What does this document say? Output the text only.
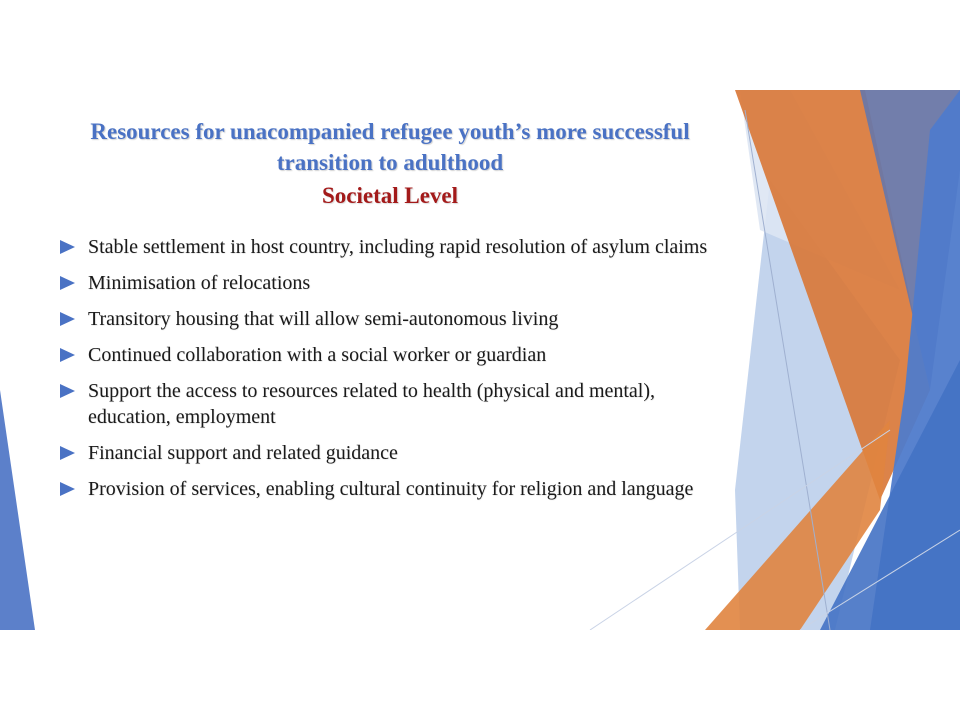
Resources for unacompanied refugee youth’s more successful transition to adulthood
Societal Level
Stable settlement in host country, including rapid resolution of asylum claims
Minimisation of relocations
Transitory housing that will allow semi-autonomous living
Continued collaboration with a social worker or guardian
Support the access to resources related to health (physical and mental), education, employment
Financial support and related guidance
Provision of services, enabling cultural continuity for religion and language
